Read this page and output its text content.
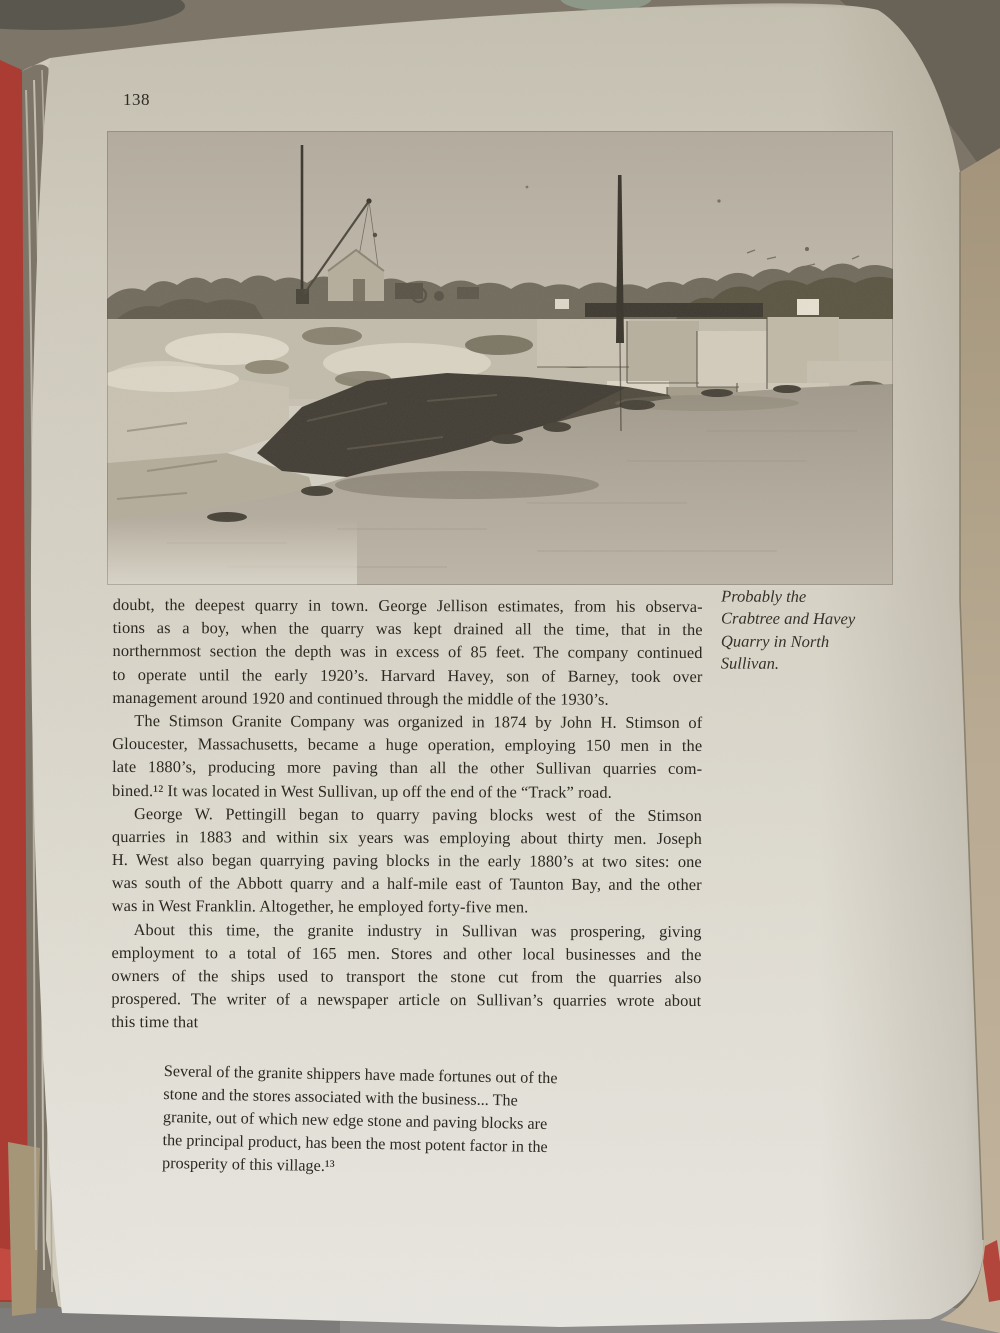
138
Probably the
Crabtree and Havey
Quarry in North
Sullivan.
doubt, the deepest quarry in town. George Jellison estimates, from his observa-
tions as a boy, when the quarry was kept drained all the time, that in the
northernmost section the depth was in excess of 85 feet. The company continued
to operate until the early 1920’s. Harvard Havey, son of Barney, took over
management around 1920 and continued through the middle of the 1930’s.
The Stimson Granite Company was organized in 1874 by John H. Stimson of
Gloucester, Massachusetts, became a huge operation, employing 150 men in the
late 1880’s, producing more paving than all the other Sullivan quarries com-
bined.¹² It was located in West Sullivan, up off the end of the “Track” road.
George W. Pettingill began to quarry paving blocks west of the Stimson
quarries in 1883 and within six years was employing about thirty men. Joseph
H. West also began quarrying paving blocks in the early 1880’s at two sites: one
was south of the Abbott quarry and a half-mile east of Taunton Bay, and the other
was in West Franklin. Altogether, he employed forty-five men.
About this time, the granite industry in Sullivan was prospering, giving
employment to a total of 165 men. Stores and other local businesses and the
owners of the ships used to transport the stone cut from the quarries also
prospered. The writer of a newspaper article on Sullivan’s quarries wrote about
this time that
Several of the granite shippers have made fortunes out of the
stone and the stores associated with the business... The
granite, out of which new edge stone and paving blocks are
the principal product, has been the most potent factor in the
prosperity of this village.¹³
